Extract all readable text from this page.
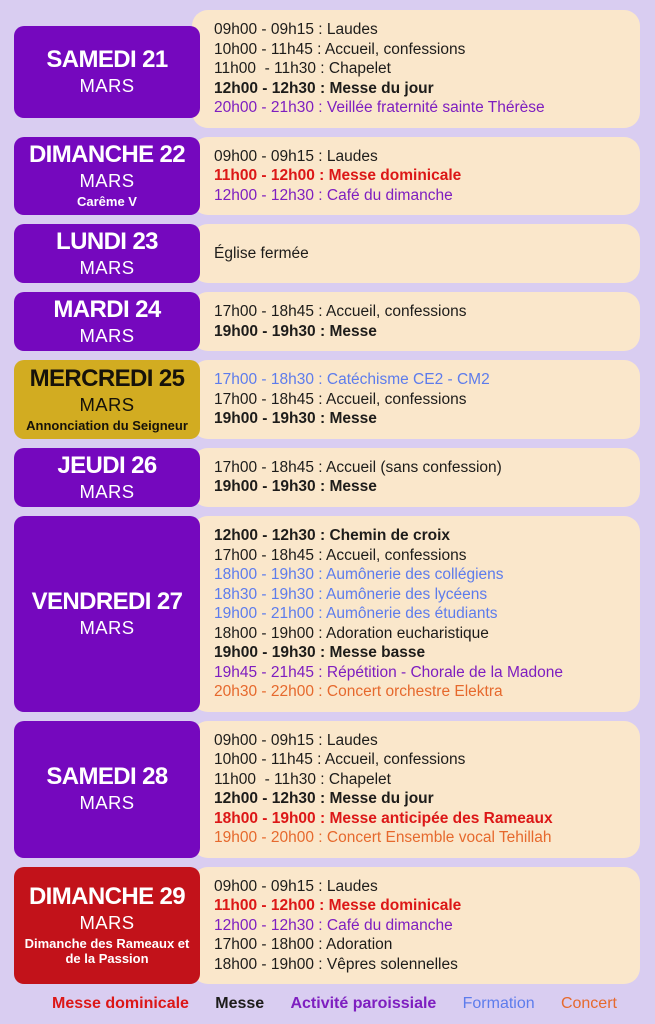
SAMEDI 21
MARS
09h00 - 09h15 : Laudes
10h00 - 11h45 : Accueil, confessions
11h00  - 11h30 : Chapelet
12h00 - 12h30 : Messe du jour
20h00 - 21h30 : Veillée fraternité sainte Thérèse
DIMANCHE 22
MARS
Carême V
09h00 - 09h15 : Laudes
11h00 - 12h00 : Messe dominicale
12h00 - 12h30 : Café du dimanche
LUNDI 23
MARS
Église fermée
MARDI 24
MARS
17h00 - 18h45 : Accueil, confessions
19h00 - 19h30 : Messe
MERCREDI 25
MARS
Annonciation du Seigneur
17h00 - 18h30 : Catéchisme CE2 - CM2
17h00 - 18h45 : Accueil, confessions
19h00 - 19h30 : Messe
JEUDI 26
MARS
17h00 - 18h45 : Accueil (sans confession)
19h00 - 19h30 : Messe
VENDREDI 27
MARS
12h00 - 12h30 : Chemin de croix
17h00 - 18h45 : Accueil, confessions
18h00 - 19h30 : Aumônerie des collégiens
18h30 - 19h30 : Aumônerie des lycéens
19h00 - 21h00 : Aumônerie des étudiants
18h00 - 19h00 : Adoration eucharistique
19h00 - 19h30 : Messe basse
19h45 - 21h45 : Répétition - Chorale de la Madone
20h30 - 22h00 : Concert orchestre Elektra
SAMEDI 28
MARS
09h00 - 09h15 : Laudes
10h00 - 11h45 : Accueil, confessions
11h00  - 11h30 : Chapelet
12h00 - 12h30 : Messe du jour
18h00 - 19h00 : Messe anticipée des Rameaux
19h00 - 20h00 : Concert Ensemble vocal Tehillah
DIMANCHE 29
MARS
Dimanche des Rameaux et de la Passion
09h00 - 09h15 : Laudes
11h00 - 12h00 : Messe dominicale
12h00 - 12h30 : Café du dimanche
17h00 - 18h00 : Adoration
18h00 - 19h00 : Vêpres solennelles
Messe dominicale Messe Activité paroissiale Formation Concert
